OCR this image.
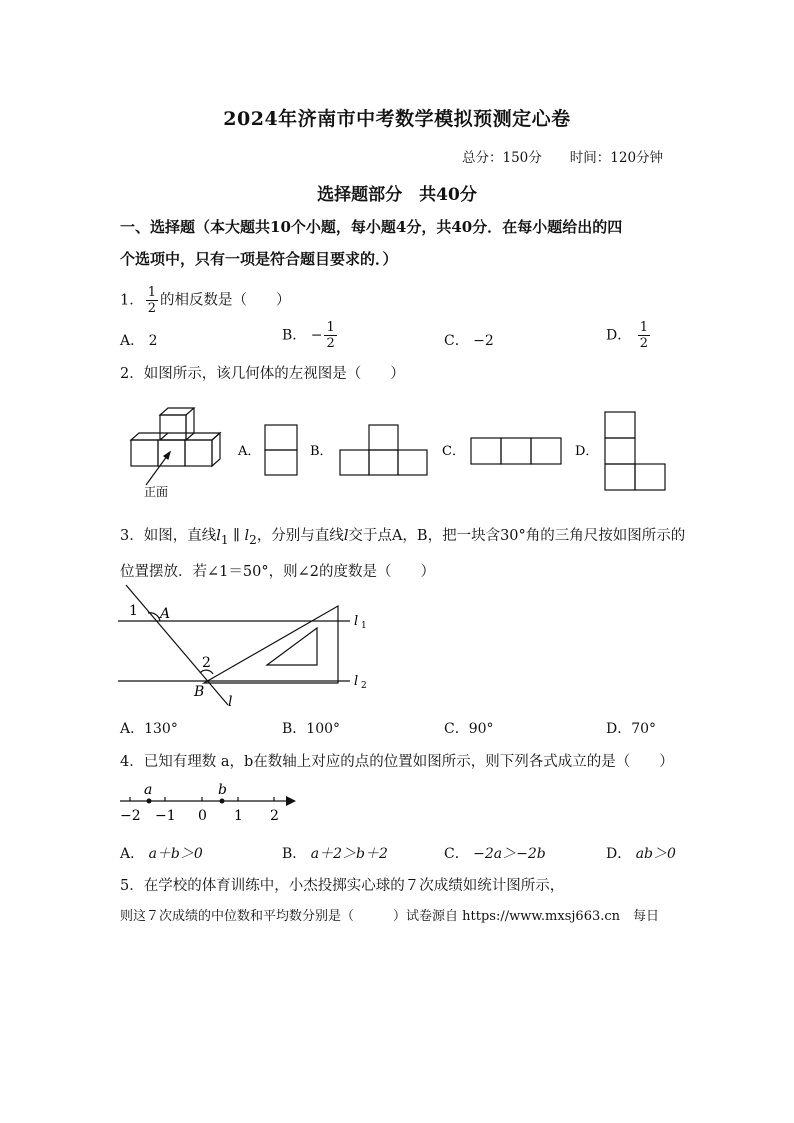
2024年济南市中考数学模拟预测定心卷
总分：150分 时间：120分钟
选择题部分　共40分
一、选择题（本大题共10个小题，每小题4分，共40分．在每小题给出的四
个选项中，只有一项是符合题目要求的．）
1． $\frac{1}{2}$ 的相反数是（　　）
A． 2	B． − $\frac{1}{2}$	C． −2	D． $\frac{1}{2}$
2．如图所示，该几何体的左视图是（　　）
正面
A．	B．	C．	D．
3．如图，直线$l_1$ ∥ $l_2$，分别与直线l交于点A，B，把一块含30°角的三角尺按如图所示的
位置摆放．若∠1＝50°，则∠2的度数是（　　）
1 A
2
B
l
l 1
l 2
A．130°	B．100°	C．90°	D．70°
4．已知有理数 a，b在数轴上对应的点的位置如图所示，则下列各式成立的是（　　）
a	b
−2 −1 0 1 2
A． a＋b＞0	B． a＋2＞b＋2	C． −2a＞−2b	D． ab＞0
5．在学校的体育训练中，小杰投掷实心球的７次成绩如统计图所示，
则这７次成绩的中位数和平均数分别是（　　　）试卷源自 https://www.mxsj663.cn　每日
